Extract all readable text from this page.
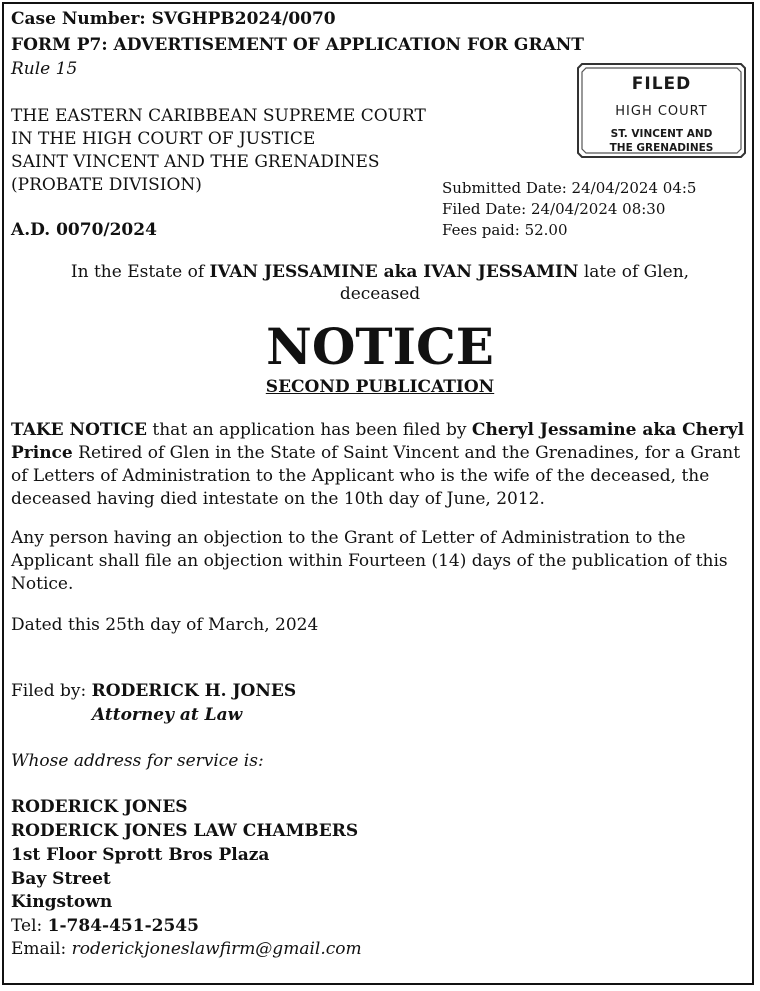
Case Number: SVGHPB2024/0070
FORM P7: ADVERTISEMENT OF APPLICATION FOR GRANT
Rule 15
THE EASTERN CARIBBEAN SUPREME COURT
IN THE HIGH COURT OF JUSTICE
SAINT VINCENT AND THE GRENADINES
(PROBATE DIVISION)
A.D. 0070/2024
FILED
HIGH COURT
ST. VINCENT AND
THE GRENADINES
Submitted Date: 24/04/2024 04:5
Filed Date: 24/04/2024 08:30
Fees paid: 52.00
In the Estate of IVAN JESSAMINE aka IVAN JESSAMIN late of Glen,
deceased
NOTICE
SECOND PUBLICATION
TAKE NOTICE that an application has been filed by Cheryl Jessamine aka Cheryl Prince Retired of Glen in the State of Saint Vincent and the Grenadines, for a Grant of Letters of Administration to the Applicant who is the wife of the deceased, the deceased having died intestate on the 10th day of June, 2012.
Any person having an objection to the Grant of Letter of Administration to the Applicant shall file an objection within Fourteen (14) days of the publication of this Notice.
Dated this 25th day of March, 2024
Filed by: RODERICK H. JONES
Attorney at Law
Whose address for service is:
RODERICK JONES
RODERICK JONES LAW CHAMBERS
1st Floor Sprott Bros Plaza
Bay Street
Kingstown
Tel: 1-784-451-2545
Email: roderickjoneslawfirm@gmail.com
